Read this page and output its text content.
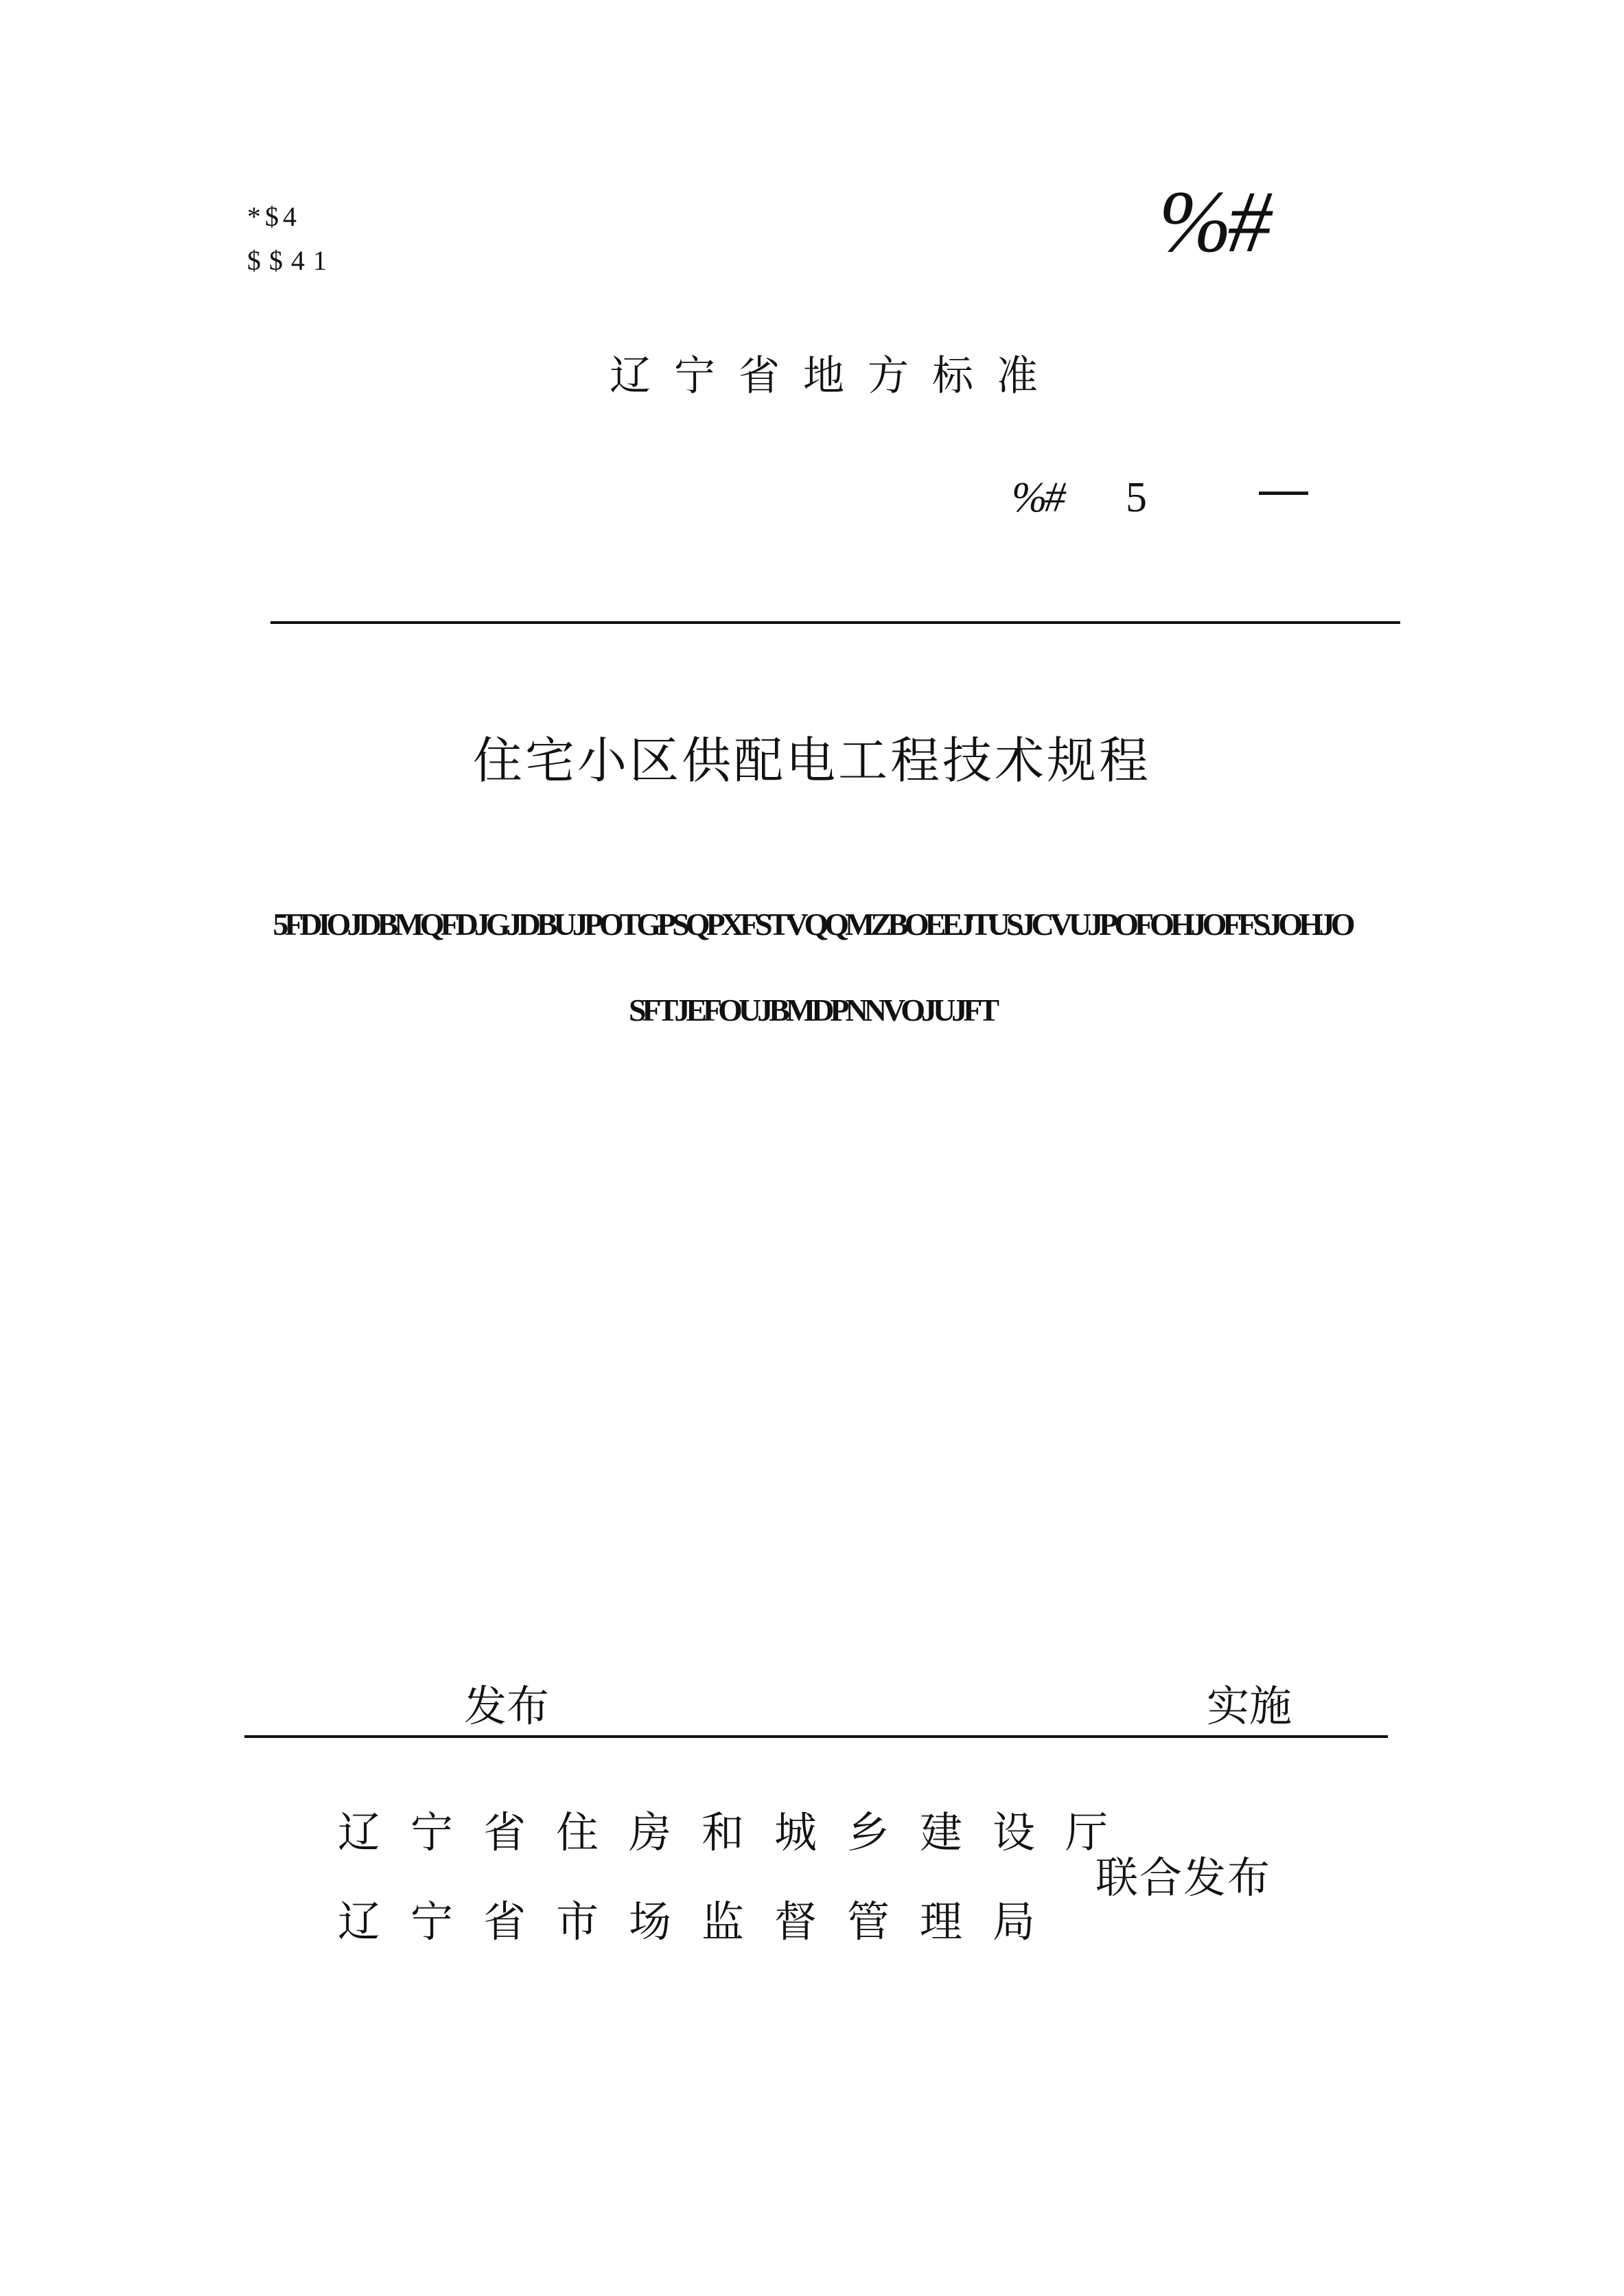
*$4
$$41	%#
辽宁省地方标准
%# 5 —
住宅小区供配电工程技术规程
5FDIOJDBMQFDJGJDBUJPOTGPSQPXFSTVQQMZBOEEJTUSJCVUJPOFOHJOFFSJOHJO
SFTJEFOUJBMDPNNVOJUJFT
发布	实施
辽宁省住房和城乡建设厅
辽宁省市场监督管理局
联合发布
